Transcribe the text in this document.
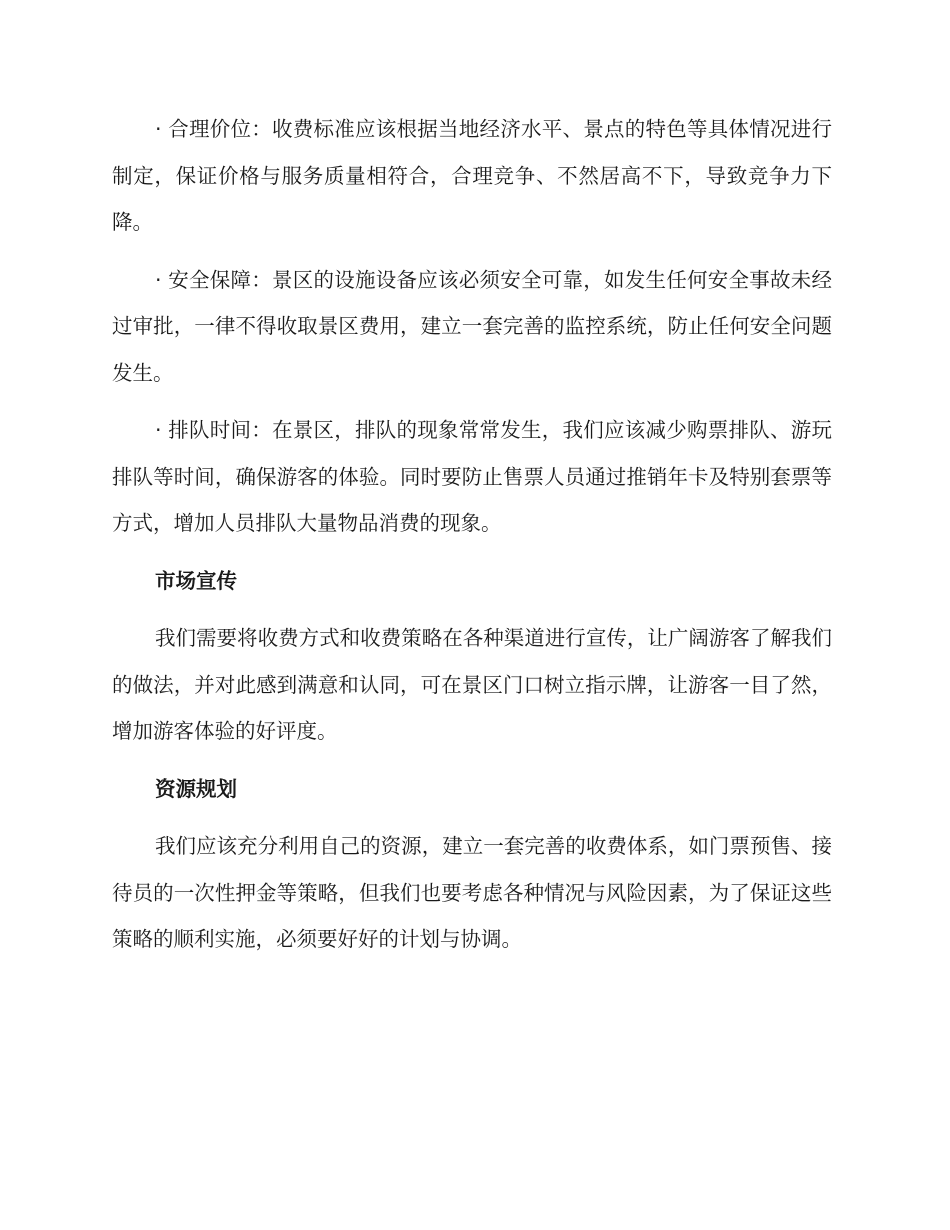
· 合理价位：收费标准应该根据当地经济水平、景点的特色等具体情况进行制定，保证价格与服务质量相符合，合理竞争、不然居高不下，导致竞争力下降。

· 安全保障：景区的设施设备应该必须安全可靠，如发生任何安全事故未经过审批，一律不得收取景区费用，建立一套完善的监控系统，防止任何安全问题发生。

· 排队时间：在景区，排队的现象常常发生，我们应该减少购票排队、游玩排队等时间，确保游客的体验。同时要防止售票人员通过推销年卡及特别套票等方式，增加人员排队大量物品消费的现象。

市场宣传

我们需要将收费方式和收费策略在各种渠道进行宣传，让广阔游客了解我们的做法，并对此感到满意和认同，可在景区门口树立指示牌，让游客一目了然，增加游客体验的好评度。

资源规划

我们应该充分利用自己的资源，建立一套完善的收费体系，如门票预售、接待员的一次性押金等策略，但我们也要考虑各种情况与风险因素，为了保证这些策略的顺利实施，必须要好好的计划与协调。
